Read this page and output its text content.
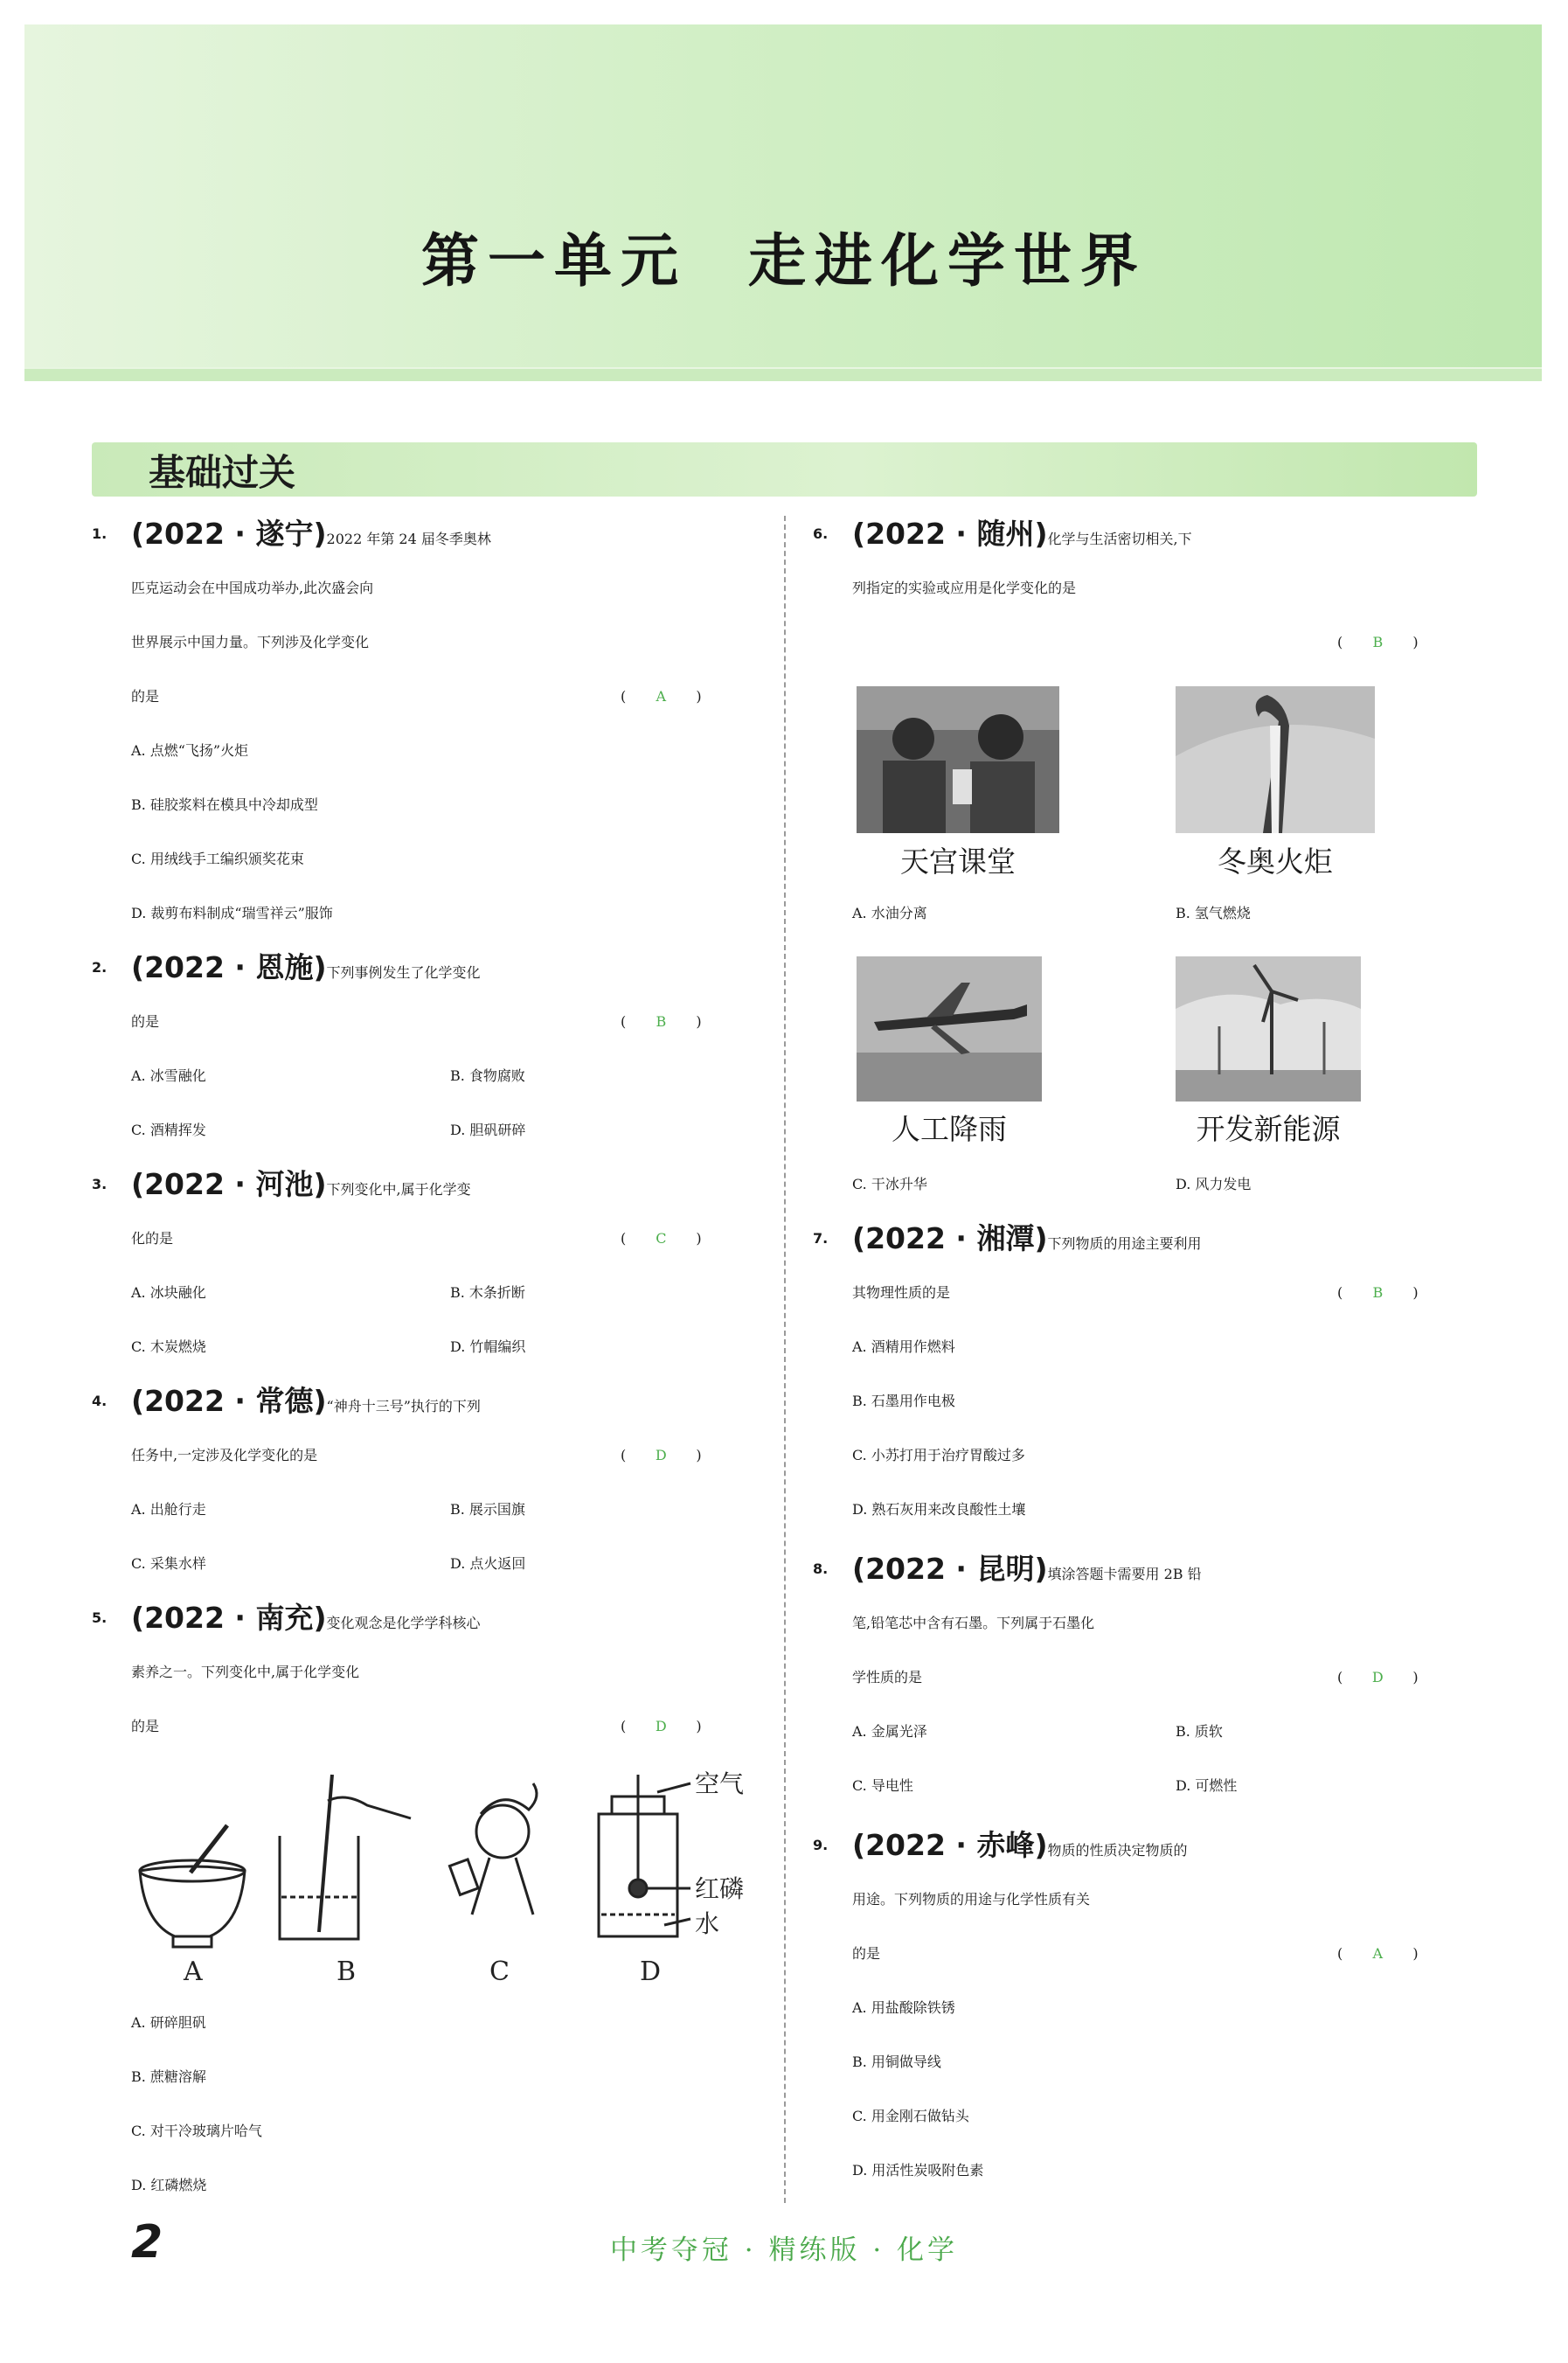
第一单元 走进化学世界
基础过关
1. (2022 · 遂宁)2022 年第 24 届冬季奥林
匹克运动会在中国成功举办,此次盛会向
世界展示中国力量。下列涉及化学变化
的是	( A )
A. 点燃“飞扬”火炬
B. 硅胶浆料在模具中冷却成型
C. 用绒线手工编织颁奖花束
D. 裁剪布料制成“瑞雪祥云”服饰
2. (2022 · 恩施)下列事例发生了化学变化
的是	( B )
A. 冰雪融化	B. 食物腐败
C. 酒精挥发	D. 胆矾研碎
3. (2022 · 河池)下列变化中,属于化学变
化的是	( C )
A. 冰块融化	B. 木条折断
C. 木炭燃烧	D. 竹帽编织
4. (2022 · 常德)“神舟十三号”执行的下列
任务中,一定涉及化学变化的是	( D )
A. 出舱行走	B. 展示国旗
C. 采集水样	D. 点火返回
5. (2022 · 南充)变化观念是化学学科核心
素养之一。下列变化中,属于化学变化
的是	( D )
空气
红磷
水
A	B	C	D
A. 研碎胆矾
B. 蔗糖溶解
C. 对干冷玻璃片哈气
D. 红磷燃烧
6. (2022 · 随州)化学与生活密切相关,下
列指定的实验或应用是化学变化的是
( B )
天宫课堂	冬奥火炬
A. 水油分离	B. 氢气燃烧
人工降雨	开发新能源
C. 干冰升华	D. 风力发电
7. (2022 · 湘潭)下列物质的用途主要利用
其物理性质的是	( B )
A. 酒精用作燃料
B. 石墨用作电极
C. 小苏打用于治疗胃酸过多
D. 熟石灰用来改良酸性土壤
8. (2022 · 昆明)填涂答题卡需要用 2B 铅
笔,铅笔芯中含有石墨。下列属于石墨化
学性质的是	( D )
A. 金属光泽	B. 质软
C. 导电性	D. 可燃性
9. (2022 · 赤峰)物质的性质决定物质的
用途。下列物质的用途与化学性质有关
的是	( A )
A. 用盐酸除铁锈
B. 用铜做导线
C. 用金刚石做钻头
D. 用活性炭吸附色素
2	中考夺冠 · 精练版 · 化学
